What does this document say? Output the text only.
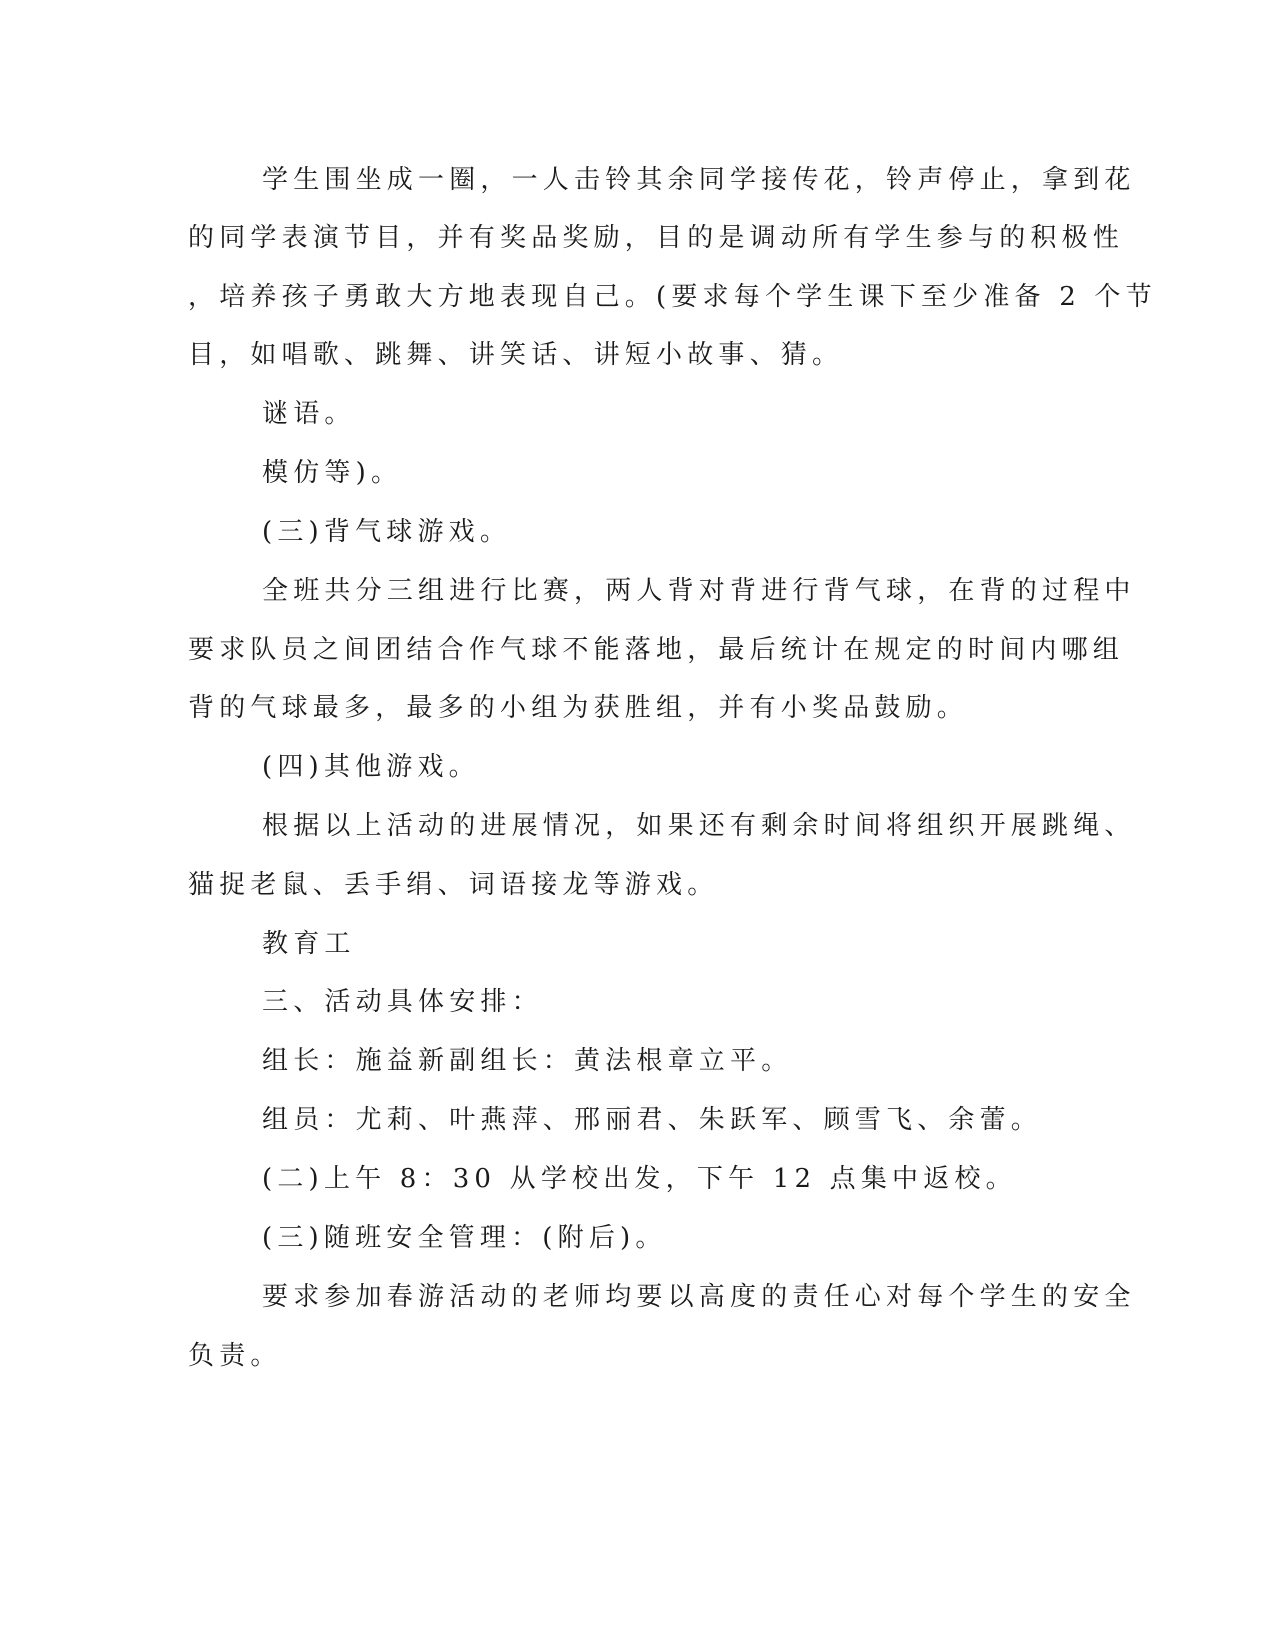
学生围坐成一圈，一人击铃其余同学接传花，铃声停止，拿到花
的同学表演节目，并有奖品奖励，目的是调动所有学生参与的积极性
，培养孩子勇敢大方地表现自己。(要求每个学生课下至少准备 2 个节
目，如唱歌、跳舞、讲笑话、讲短小故事、猜。
谜语。
模仿等)。
(三)背气球游戏。
全班共分三组进行比赛，两人背对背进行背气球，在背的过程中
要求队员之间团结合作气球不能落地，最后统计在规定的时间内哪组
背的气球最多，最多的小组为获胜组，并有小奖品鼓励。
(四)其他游戏。
根据以上活动的进展情况，如果还有剩余时间将组织开展跳绳、
猫捉老鼠、丢手绢、词语接龙等游戏。
教育工
三、活动具体安排：
组长：施益新副组长：黄法根章立平。
组员：尤莉、叶燕萍、邢丽君、朱跃军、顾雪飞、余蕾。
(二)上午 8：30 从学校出发，下午 12 点集中返校。
(三)随班安全管理：(附后)。
要求参加春游活动的老师均要以高度的责任心对每个学生的安全
负责。
